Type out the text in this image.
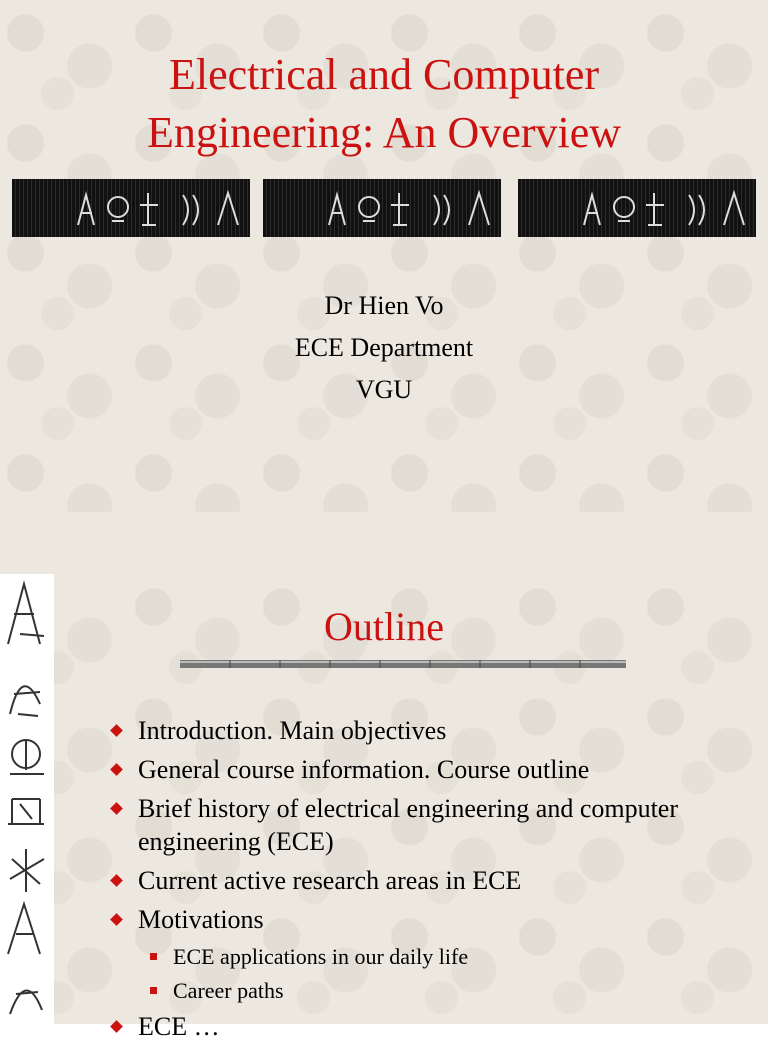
Electrical and Computer
Engineering: An Overview
Dr Hien Vo
ECE Department
VGU
Outline
Introduction. Main objectives
General course information. Course outline
Brief history of electrical engineering and computer engineering (ECE)
Current active research areas in ECE
Motivations
ECE applications in our daily life
Career paths
ECE …
